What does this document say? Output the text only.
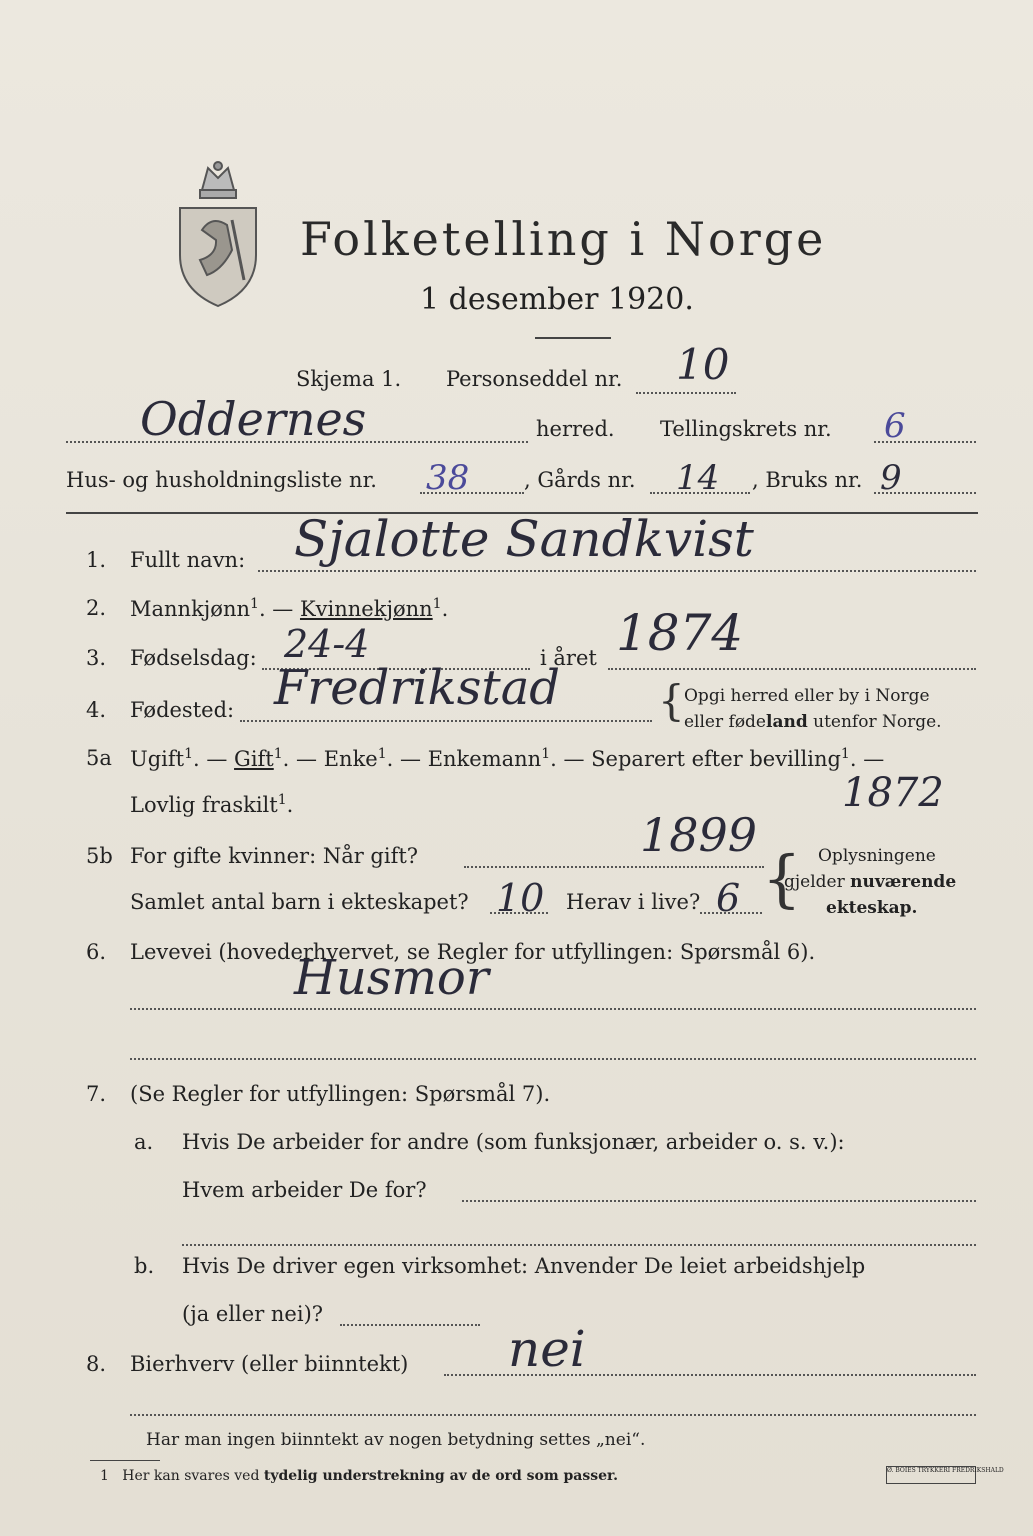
Folketelling i Norge
1 desember 1920.
Skjema 1. Personseddel nr. 10
Oddernes	herred. Tellingskrets nr. 6
Hus- og husholdningsliste nr. 38	, Gårds nr. 14 , Bruks nr. 9
1. Fullt navn: Sjalotte Sandkvist
2. Mannkjønn$^1$. — Kvinnekjønn$^1$.
3. Fødselsdag: 24-4	i året 1874
4. Fødested: Fredrikstad { Opgi herred eller by i Norge
eller fødeland utenfor Norge.
5a Ugift$^1$. — Gift$^1$. — Enke$^1$. — Enkemann$^1$. — Separert efter bevilling$^1$. —
Lovlig fraskilt$^1$.	1872
5b For gifte kvinner: Når gift?	1899
Samlet antal barn i ekteskapet? 10 Herav i live? 6 { Oplysningene
gjelder nuværende
ekteskap.
6. Levevei (hovederhvervet, se Regler for utfyllingen: Spørsmål 6).
Husmor
7. (Se Regler for utfyllingen: Spørsmål 7).
a. Hvis De arbeider for andre (som funksjonær, arbeider o. s. v.):
Hvem arbeider De for?
b. Hvis De driver egen virksomhet: Anvender De leiet arbeidshjelp
(ja eller nei)?
8. Bierhverv (eller biinntekt) nei
Har man ingen biinntekt av nogen betydning settes „nei“.
1 Her kan svares ved tydelig understrekning av de ord som passer.	Ø. BOIES TRYKKERI FREDRIKSHALD
